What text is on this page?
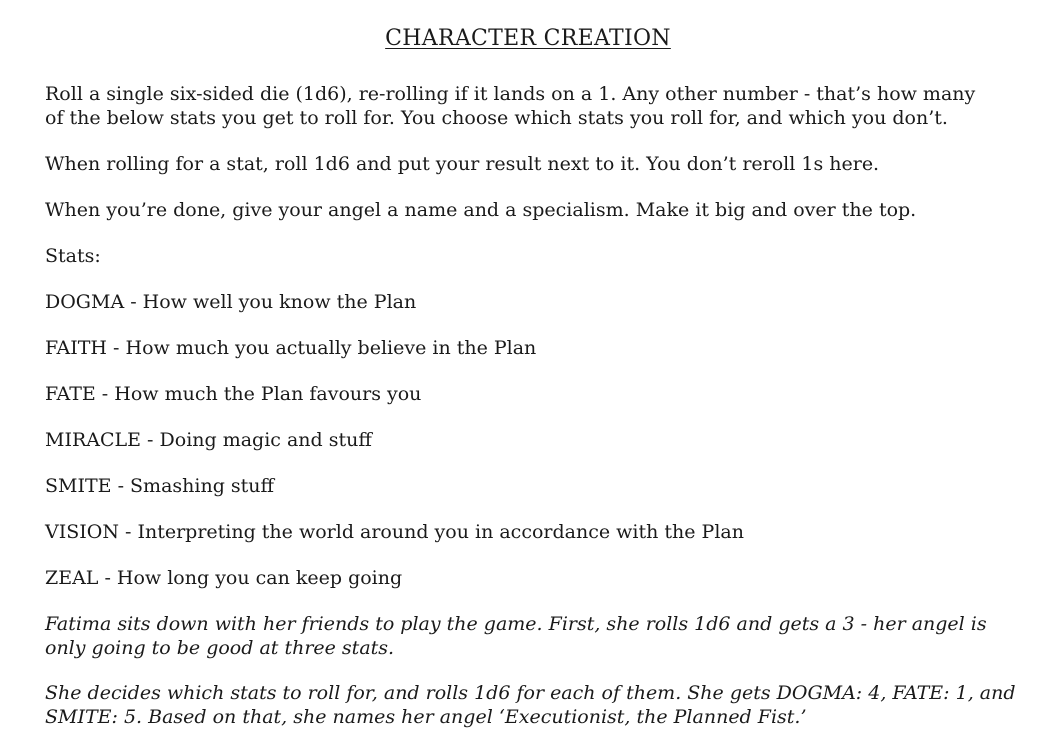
CHARACTER CREATION
Roll a single six-sided die (1d6), re-rolling if it lands on a 1. Any other number - that’s how many
of the below stats you get to roll for. You choose which stats you roll for, and which you don’t.
When rolling for a stat, roll 1d6 and put your result next to it. You don’t reroll 1s here.
When you’re done, give your angel a name and a specialism. Make it big and over the top.
Stats:
DOGMA - How well you know the Plan
FAITH - How much you actually believe in the Plan
FATE - How much the Plan favours you
MIRACLE - Doing magic and stuff
SMITE - Smashing stuff
VISION - Interpreting the world around you in accordance with the Plan
ZEAL - How long you can keep going
Fatima sits down with her friends to play the game. First, she rolls 1d6 and gets a 3 - her angel is
only going to be good at three stats.
She decides which stats to roll for, and rolls 1d6 for each of them. She gets DOGMA: 4, FATE: 1, and
SMITE: 5. Based on that, she names her angel ‘Executionist, the Planned Fist.’
